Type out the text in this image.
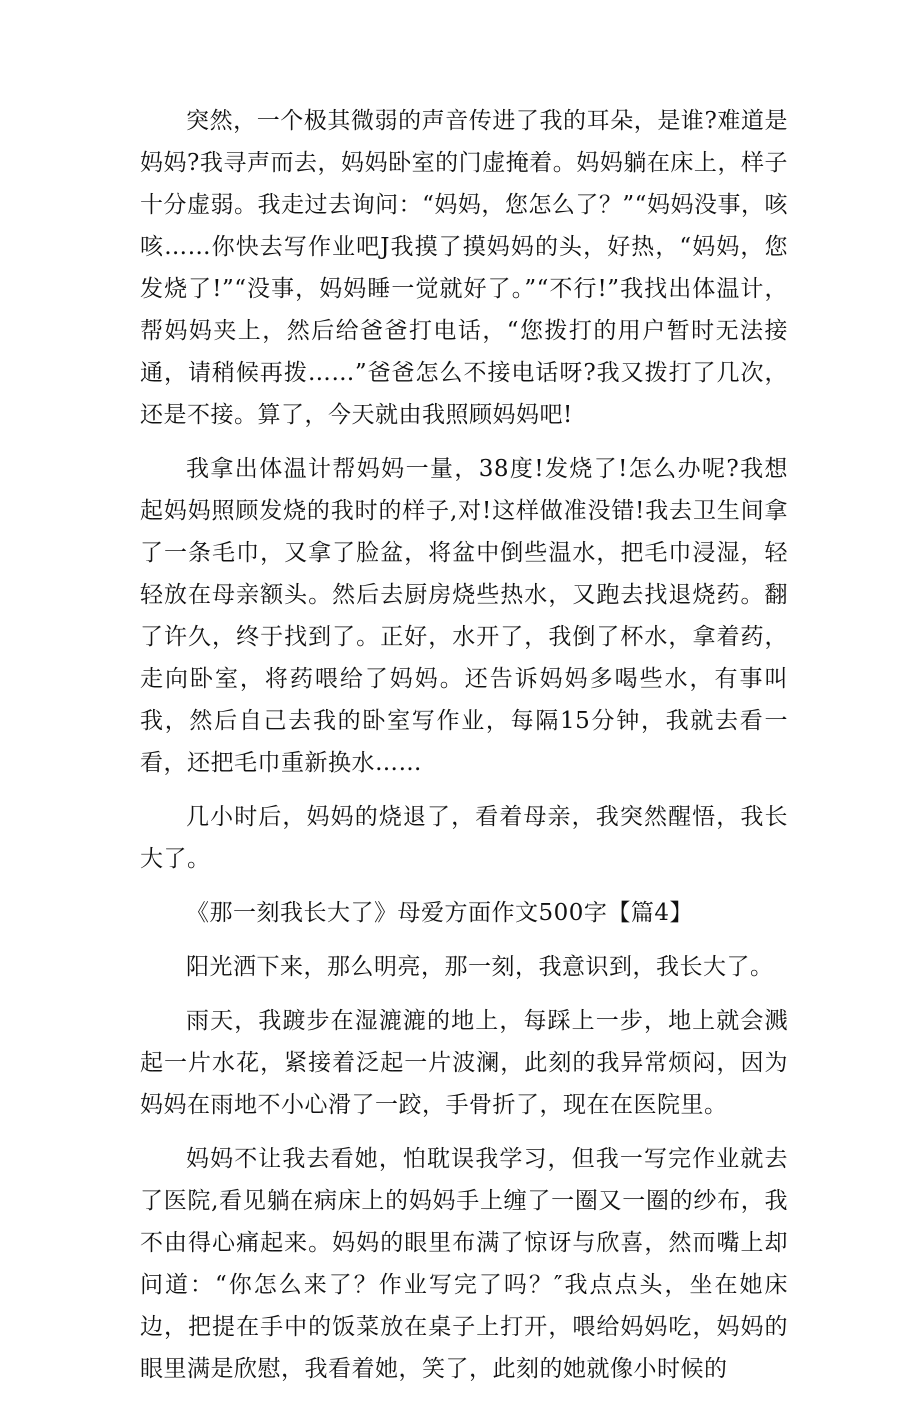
突然，一个极其微弱的声音传进了我的耳朵，是谁?难道是妈妈?我寻声而去，妈妈卧室的门虚掩着。妈妈躺在床上，样子十分虚弱。我走过去询问：“妈妈，您怎么了？”“妈妈没事，咳咳……你快去写作业吧J我摸了摸妈妈的头，好热，“妈妈，您发烧了!”“没事，妈妈睡一觉就好了。”“不行!”我找出体温计，帮妈妈夹上，然后给爸爸打电话，“您拨打的用户暂时无法接通，请稍候再拨……”爸爸怎么不接电话呀?我又拨打了几次，还是不接。算了，今天就由我照顾妈妈吧!

我拿出体温计帮妈妈一量，38度!发烧了!怎么办呢?我想起妈妈照顾发烧的我时的样子,对!这样做准没错!我去卫生间拿了一条毛巾，又拿了脸盆，将盆中倒些温水，把毛巾浸湿，轻轻放在母亲额头。然后去厨房烧些热水，又跑去找退烧药。翻了许久，终于找到了。正好，水开了，我倒了杯水，拿着药，走向卧室，将药喂给了妈妈。还告诉妈妈多喝些水，有事叫我，然后自己去我的卧室写作业，每隔15分钟，我就去看一看，还把毛巾重新换水……

几小时后，妈妈的烧退了，看着母亲，我突然醒悟，我长大了。

《那一刻我长大了》母爱方面作文500字【篇4】

阳光洒下来，那么明亮，那一刻，我意识到，我长大了。

雨天，我踱步在湿漉漉的地上，每踩上一步，地上就会溅起一片水花，紧接着泛起一片波澜，此刻的我异常烦闷，因为妈妈在雨地不小心滑了一跤，手骨折了，现在在医院里。

妈妈不让我去看她，怕耽误我学习，但我一写完作业就去了医院,看见躺在病床上的妈妈手上缠了一圈又一圈的纱布，我不由得心痛起来。妈妈的眼里布满了惊讶与欣喜，然而嘴上却问道：“你怎么来了？作业写完了吗？″我点点头，坐在她床边，把提在手中的饭菜放在桌子上打开，喂给妈妈吃，妈妈的眼里满是欣慰，我看着她，笑了，此刻的她就像小时候的
